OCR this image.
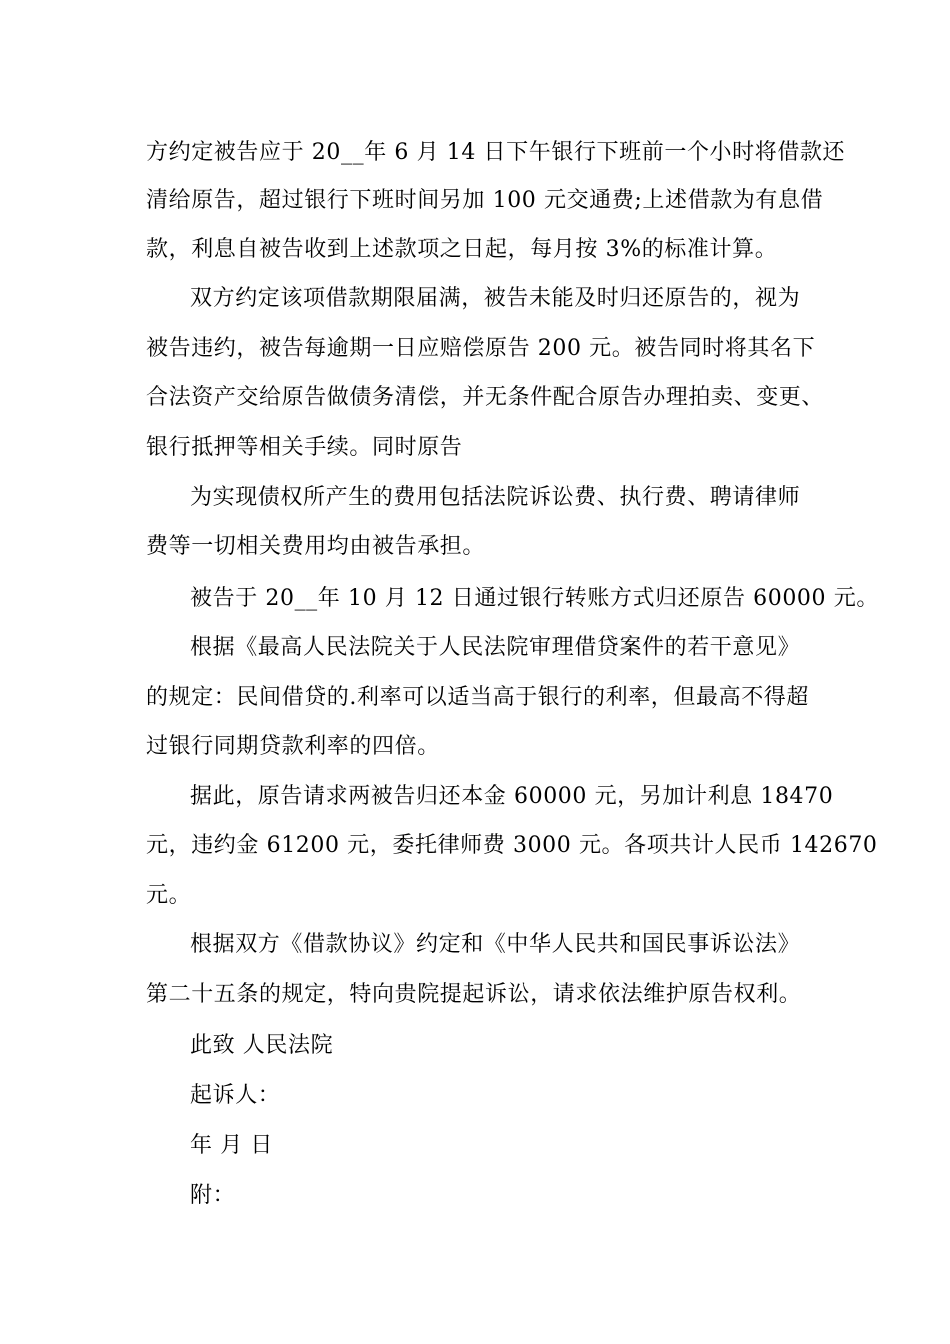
方约定被告应于 20__年 6 月 14 日下午银行下班前一个小时将借款还
清给原告，超过银行下班时间另加 100 元交通费;上述借款为有息借
款，利息自被告收到上述款项之日起，每月按 3%的标准计算。
双方约定该项借款期限届满，被告未能及时归还原告的，视为
被告违约，被告每逾期一日应赔偿原告 200 元。被告同时将其名下
合法资产交给原告做债务清偿，并无条件配合原告办理拍卖、变更、
银行抵押等相关手续。同时原告
为实现债权所产生的费用包括法院诉讼费、执行费、聘请律师
费等一切相关费用均由被告承担。
被告于 20__年 10 月 12 日通过银行转账方式归还原告 60000 元。
根据《最高人民法院关于人民法院审理借贷案件的若干意见》
的规定：民间借贷的.利率可以适当高于银行的利率，但最高不得超
过银行同期贷款利率的四倍。
据此，原告请求两被告归还本金 60000 元，另加计利息 18470
元，违约金 61200 元，委托律师费 3000 元。各项共计人民币 142670
元。
根据双方《借款协议》约定和《中华人民共和国民事诉讼法》
第二十五条的规定，特向贵院提起诉讼，请求依法维护原告权利。
此致 人民法院
起诉人：
年 月 日
附：
